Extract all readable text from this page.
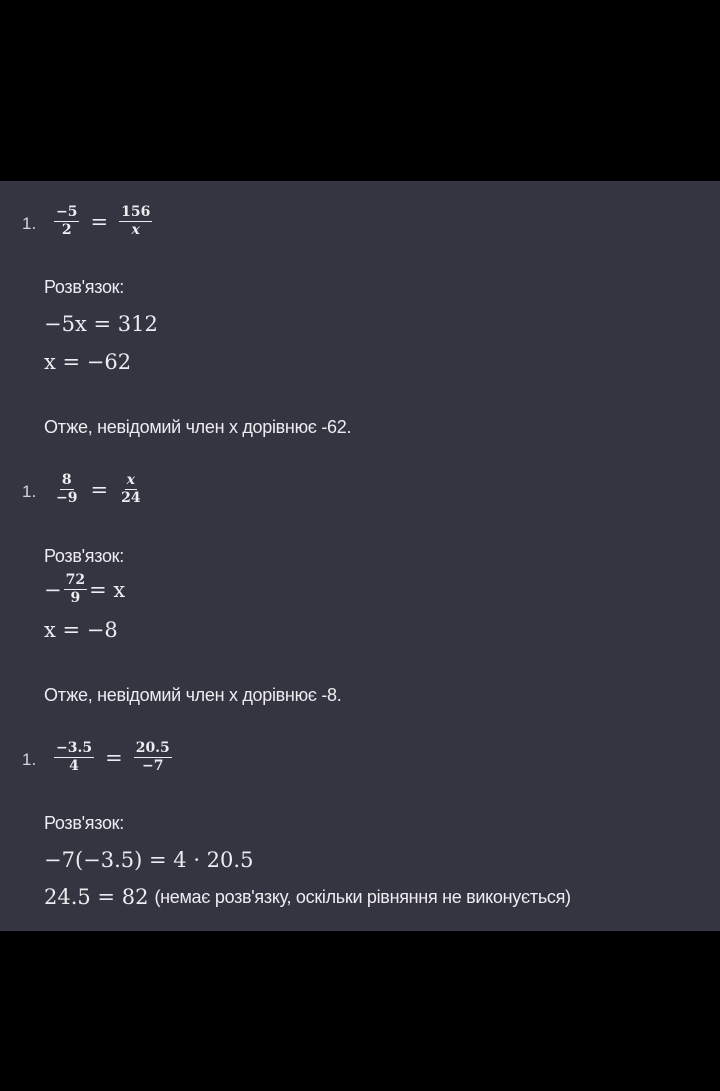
1. $\frac{-5}{2} = \frac{156}{x}$
Розв'язок:
−5x = 312
x = −62
Отже, невідомий член x дорівнює -62.
1. $\frac{8}{-9} = \frac{x}{24}$
Розв'язок:
− $\frac{72}{9} = x$
x = −8
Отже, невідомий член x дорівнює -8.
1. $\frac{-3.5}{4} = \frac{20.5}{-7}$
Розв'язок:
−7(−3.5) = 4 · 20.5
24.5 = 82 (немає розв'язку, оскільки рівняння не виконується)
